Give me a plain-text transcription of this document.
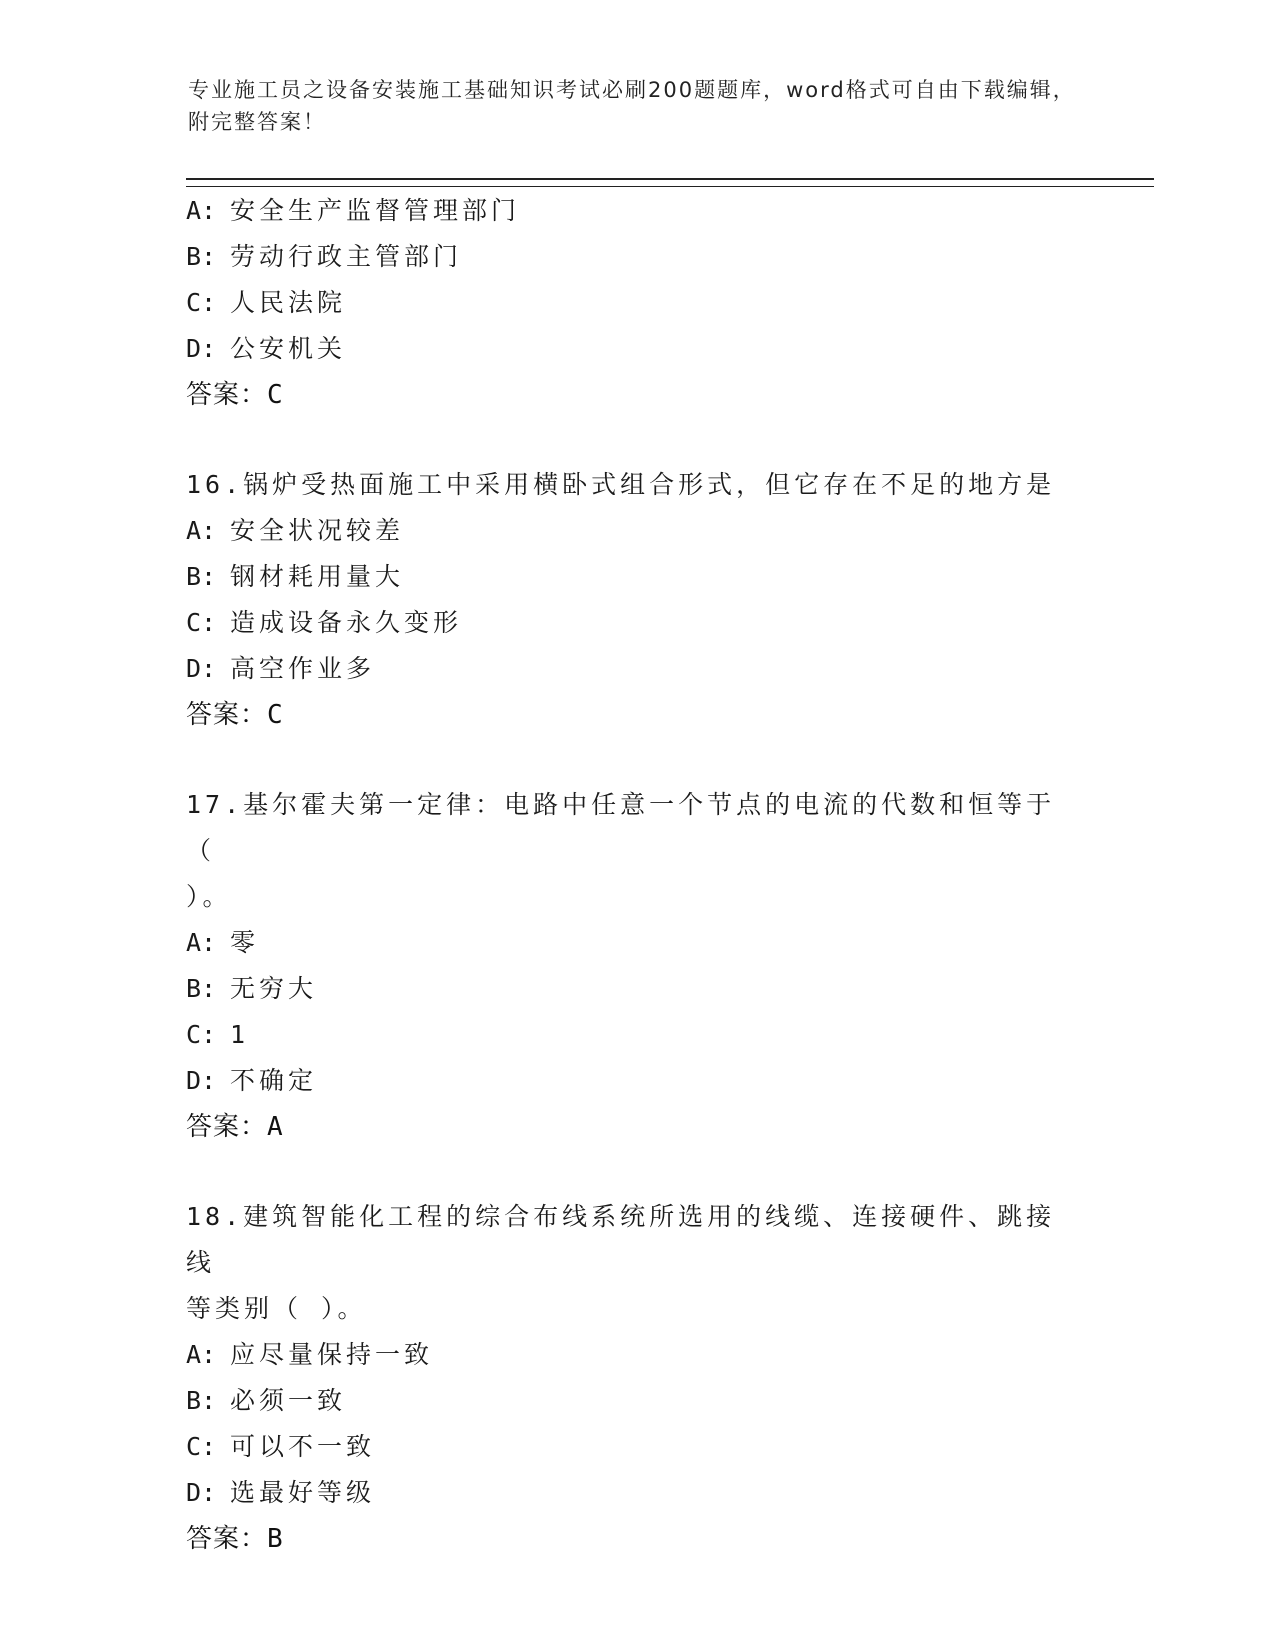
专业施工员之设备安装施工基础知识考试必刷200题题库，word格式可自由下载编辑，附完整答案！
A: 安全生产监督管理部门
B: 劳动行政主管部门
C: 人民法院
D: 公安机关
答案：C
16.锅炉受热面施工中采用横卧式组合形式，但它存在不足的地方是
A: 安全状况较差
B: 钢材耗用量大
C: 造成设备永久变形
D: 高空作业多
答案：C
17.基尔霍夫第一定律：电路中任意一个节点的电流的代数和恒等于（
）。
A: 零
B: 无穷大
C: 1
D: 不确定
答案：A
18.建筑智能化工程的综合布线系统所选用的线缆、连接硬件、跳接线
等类别（ ）。
A: 应尽量保持一致
B: 必须一致
C: 可以不一致
D: 选最好等级
答案：B
